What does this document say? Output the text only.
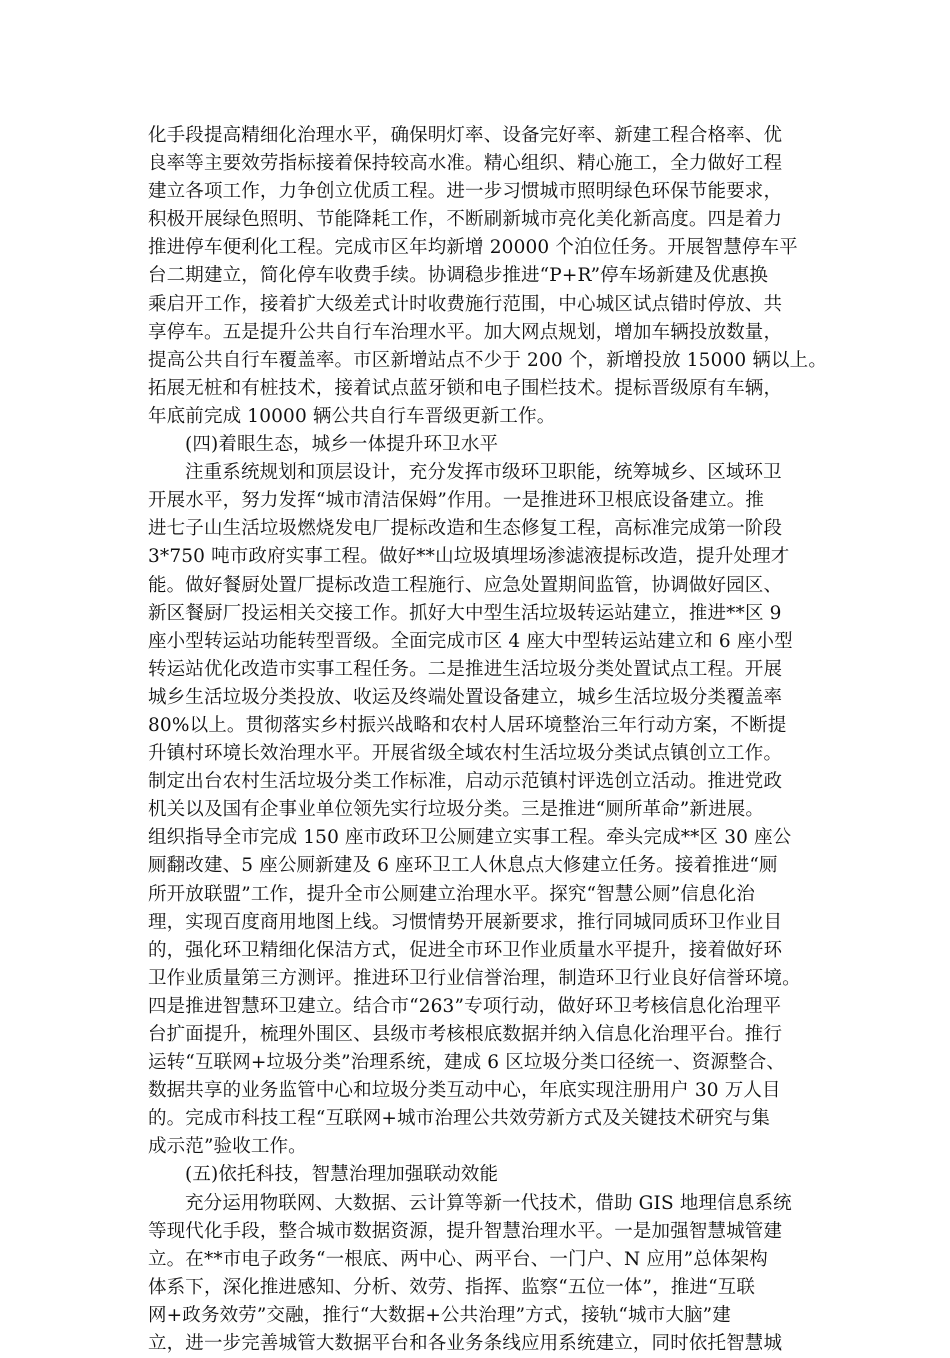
化手段提高精细化治理水平，确保明灯率、设备完好率、新建工程合格率、优
良率等主要效劳指标接着保持较高水准。精心组织、精心施工，全力做好工程
建立各项工作，力争创立优质工程。进一步习惯城市照明绿色环保节能要求，
积极开展绿色照明、节能降耗工作，不断刷新城市亮化美化新高度。四是着力
推进停车便利化工程。完成市区年均新增 20000 个泊位任务。开展智慧停车平
台二期建立，简化停车收费手续。协调稳步推进“P+R”停车场新建及优惠换
乘启开工作，接着扩大级差式计时收费施行范围，中心城区试点错时停放、共
享停车。五是提升公共自行车治理水平。加大网点规划，增加车辆投放数量，
提高公共自行车覆盖率。市区新增站点不少于 200 个，新增投放 15000 辆以上。
拓展无桩和有桩技术，接着试点蓝牙锁和电子围栏技术。提标晋级原有车辆，
年底前完成 10000 辆公共自行车晋级更新工作。
(四)着眼生态，城乡一体提升环卫水平
注重系统规划和顶层设计，充分发挥市级环卫职能，统筹城乡、区域环卫
开展水平，努力发挥“城市清洁保姆”作用。一是推进环卫根底设备建立。推
进七子山生活垃圾燃烧发电厂提标改造和生态修复工程，高标准完成第一阶段
3*750 吨市政府实事工程。做好**山垃圾填埋场渗滤液提标改造，提升处理才
能。做好餐厨处置厂提标改造工程施行、应急处置期间监管，协调做好园区、
新区餐厨厂投运相关交接工作。抓好大中型生活垃圾转运站建立，推进**区 9
座小型转运站功能转型晋级。全面完成市区 4 座大中型转运站建立和 6 座小型
转运站优化改造市实事工程任务。二是推进生活垃圾分类处置试点工程。开展
城乡生活垃圾分类投放、收运及终端处置设备建立，城乡生活垃圾分类覆盖率
80%以上。贯彻落实乡村振兴战略和农村人居环境整治三年行动方案，不断提
升镇村环境长效治理水平。开展省级全域农村生活垃圾分类试点镇创立工作。
制定出台农村生活垃圾分类工作标准，启动示范镇村评选创立活动。推进党政
机关以及国有企事业单位领先实行垃圾分类。三是推进“厕所革命”新进展。
组织指导全市完成 150 座市政环卫公厕建立实事工程。牵头完成**区 30 座公
厕翻改建、5 座公厕新建及 6 座环卫工人休息点大修建立任务。接着推进“厕
所开放联盟”工作，提升全市公厕建立治理水平。探究“智慧公厕”信息化治
理，实现百度商用地图上线。习惯情势开展新要求，推行同城同质环卫作业目
的，强化环卫精细化保洁方式，促进全市环卫作业质量水平提升，接着做好环
卫作业质量第三方测评。推进环卫行业信誉治理，制造环卫行业良好信誉环境。
四是推进智慧环卫建立。结合市“263”专项行动，做好环卫考核信息化治理平
台扩面提升，梳理外围区、县级市考核根底数据并纳入信息化治理平台。推行
运转“互联网+垃圾分类”治理系统，建成 6 区垃圾分类口径统一、资源整合、
数据共享的业务监管中心和垃圾分类互动中心，年底实现注册用户 30 万人目
的。完成市科技工程“互联网+城市治理公共效劳新方式及关键技术研究与集
成示范”验收工作。
(五)依托科技，智慧治理加强联动效能
充分运用物联网、大数据、云计算等新一代技术，借助 GIS 地理信息系统
等现代化手段，整合城市数据资源，提升智慧治理水平。一是加强智慧城管建
立。在**市电子政务“一根底、两中心、两平台、一门户、N 应用”总体架构
体系下，深化推进感知、分析、效劳、指挥、监察“五位一体”，推进“互联
网+政务效劳”交融，推行“大数据+公共治理”方式，接轨“城市大脑”建
立，进一步完善城管大数据平台和各业务条线应用系统建立，同时依托智慧城
